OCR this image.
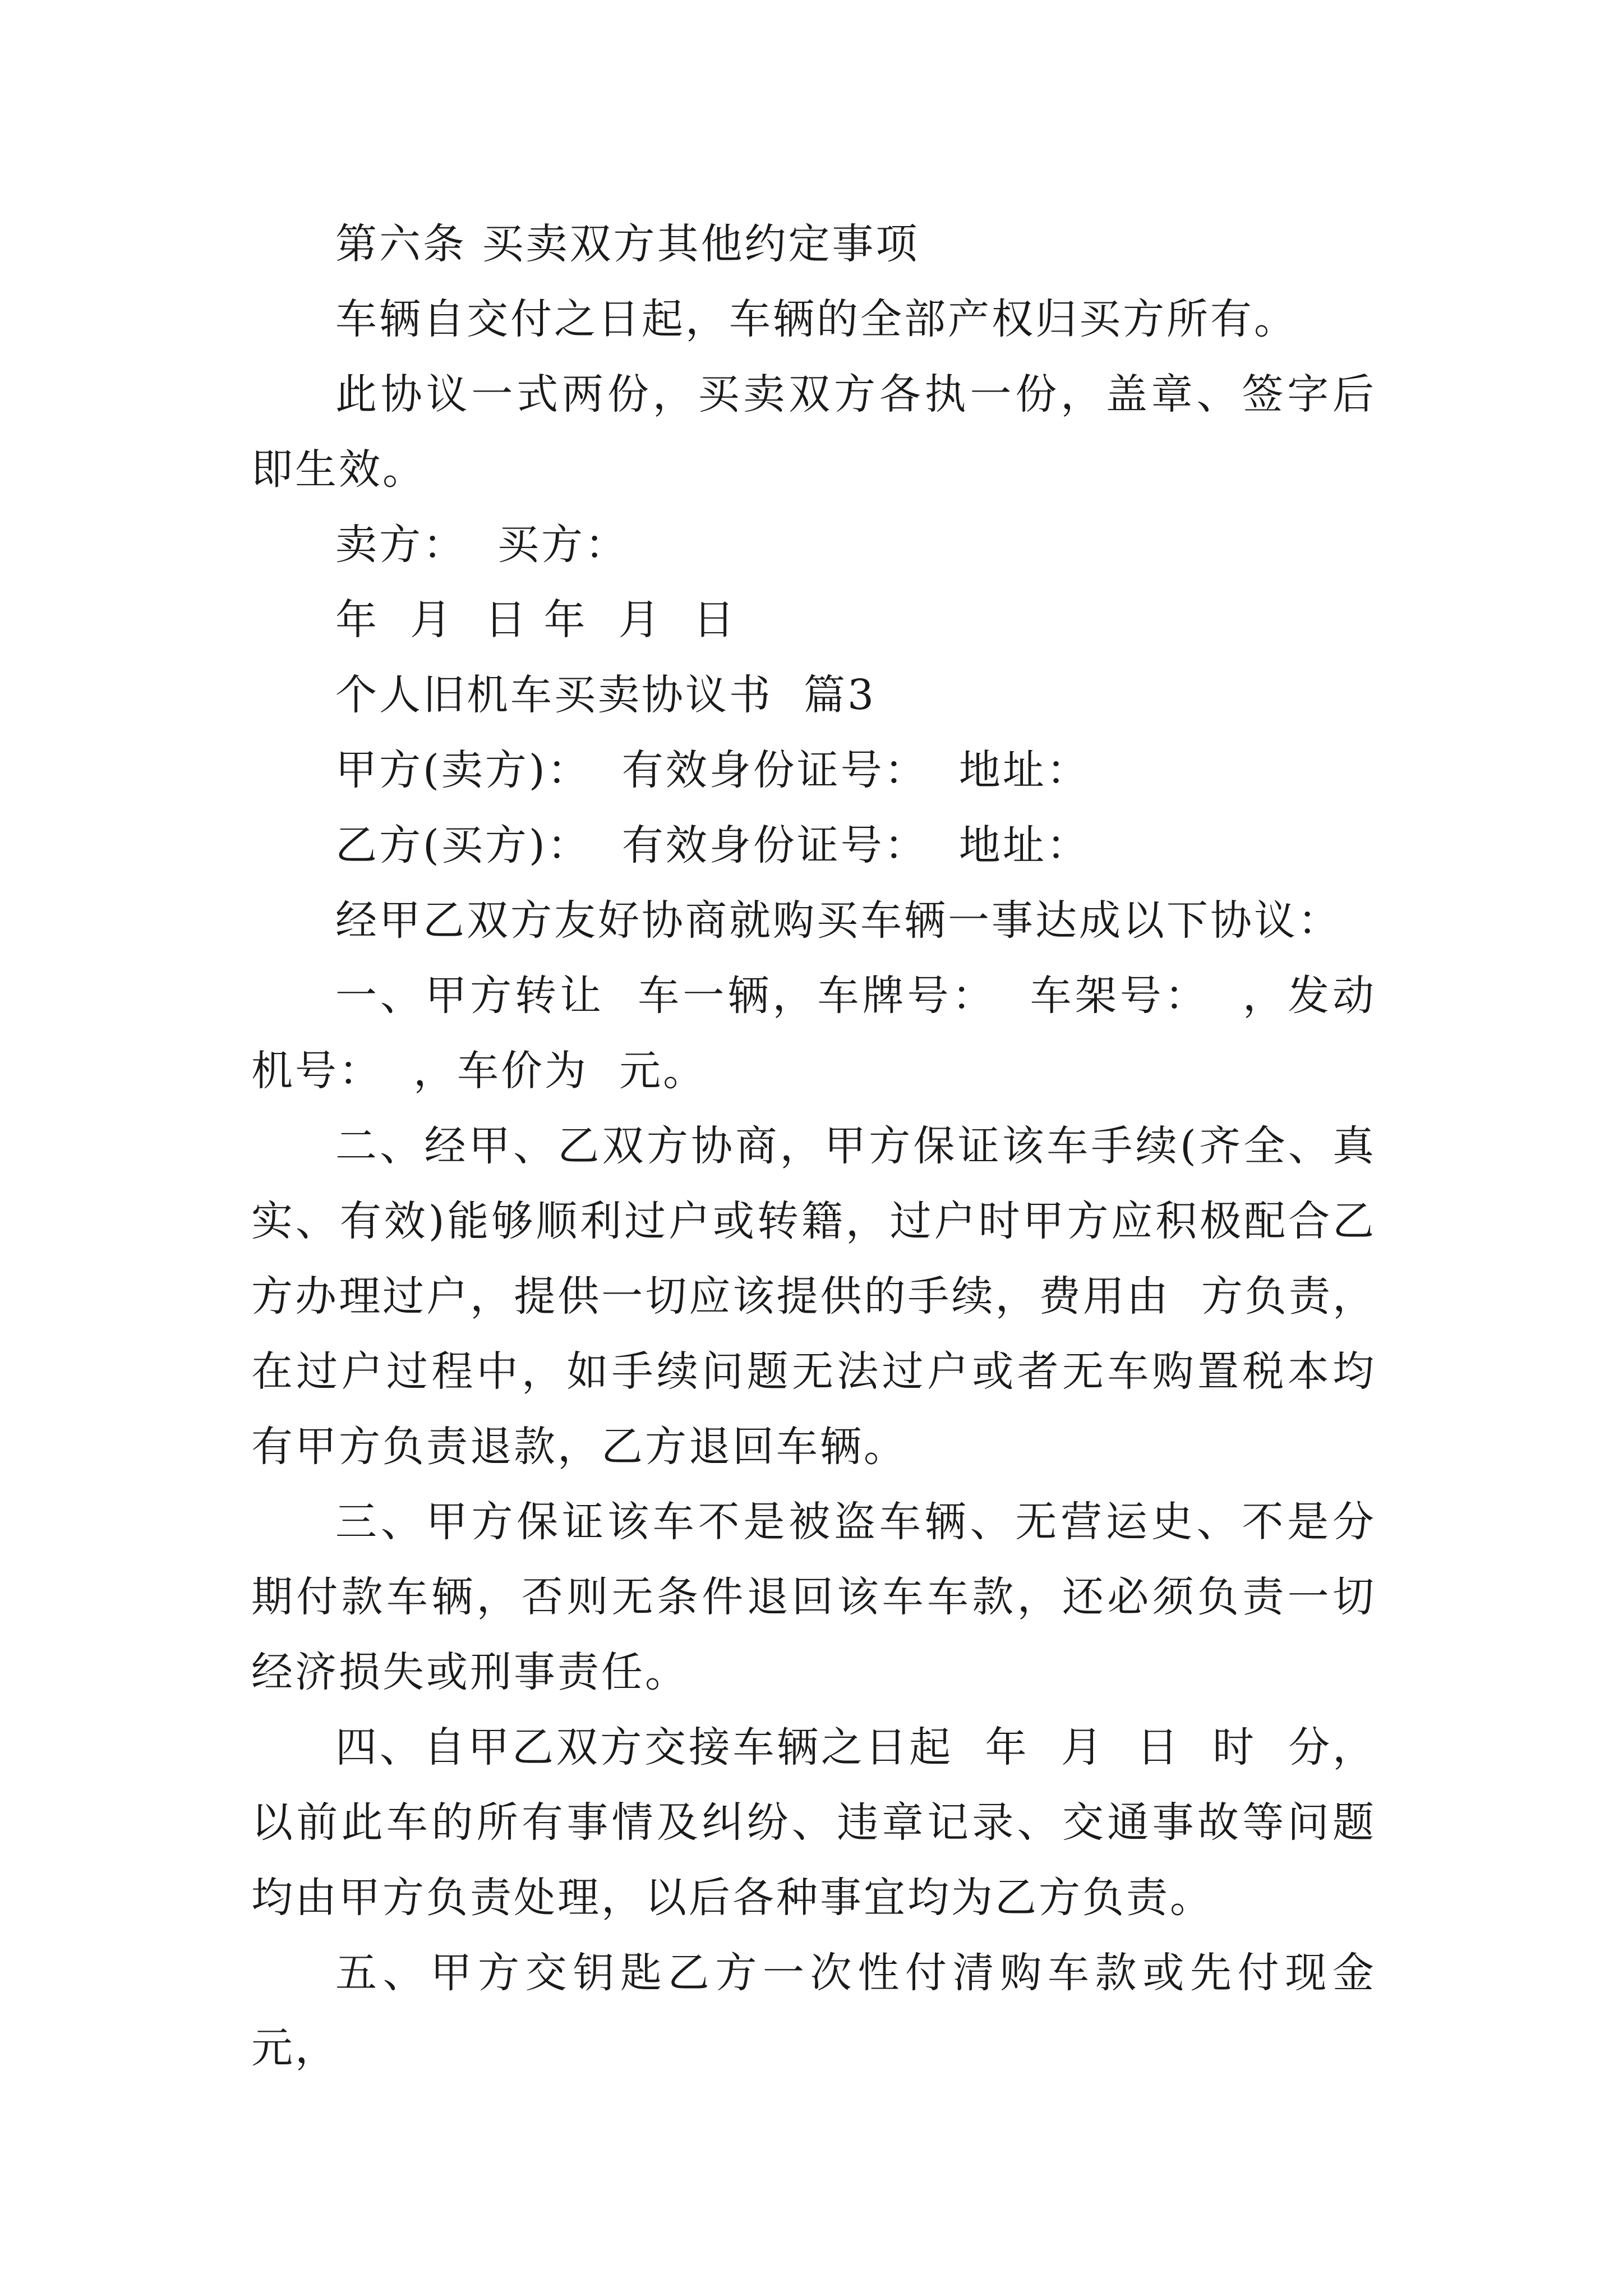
第六条 买卖双方其他约定事项

车辆自交付之日起，车辆的全部产权归买方所有。

此协议一式两份，买卖双方各执一份，盖章、签字后即生效。

卖方：  买方：

年  月  日 年  月  日

个人旧机车买卖协议书  篇3

甲方(卖方)：  有效身份证号：  地址：

乙方(买方)：  有效身份证号：  地址：

经甲乙双方友好协商就购买车辆一事达成以下协议：

一、甲方转让  车一辆，车牌号：  车架号：  ，发动机号：  ，车价为  元。

二、经甲、乙双方协商，甲方保证该车手续(齐全、真实、有效)能够顺利过户或转籍，过户时甲方应积极配合乙方办理过户，提供一切应该提供的手续，费用由  方负责，在过户过程中，如手续问题无法过户或者无车购置税本均有甲方负责退款，乙方退回车辆。

三、甲方保证该车不是被盗车辆、无营运史、不是分期付款车辆，否则无条件退回该车车款，还必须负责一切经济损失或刑事责任。

四、自甲乙双方交接车辆之日起  年  月  日  时  分，以前此车的所有事情及纠纷、违章记录、交通事故等问题均由甲方负责处理，以后各种事宜均为乙方负责。

五、甲方交钥匙乙方一次性付清购车款或先付现金  元，
